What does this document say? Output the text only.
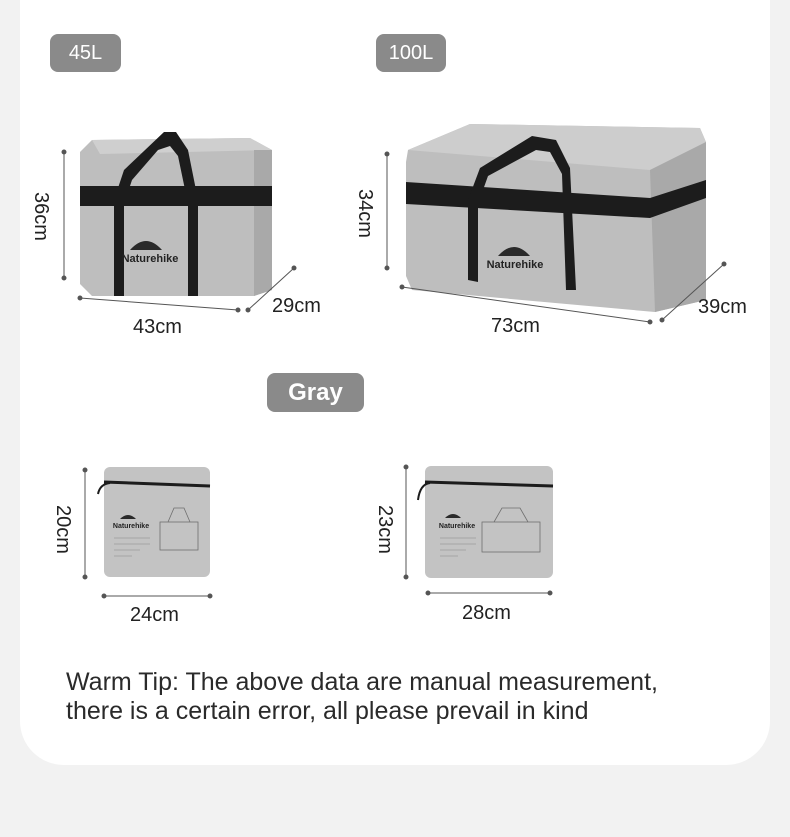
45L	100L
Gray
Naturehike	Naturehike
Naturehike	Naturehike
36cm
43cm
29cm
34cm
73cm
39cm
20cm
24cm
23cm
28cm
Warm Tip: The above data are manual measurement,
there is a certain error, all please prevail in kind
